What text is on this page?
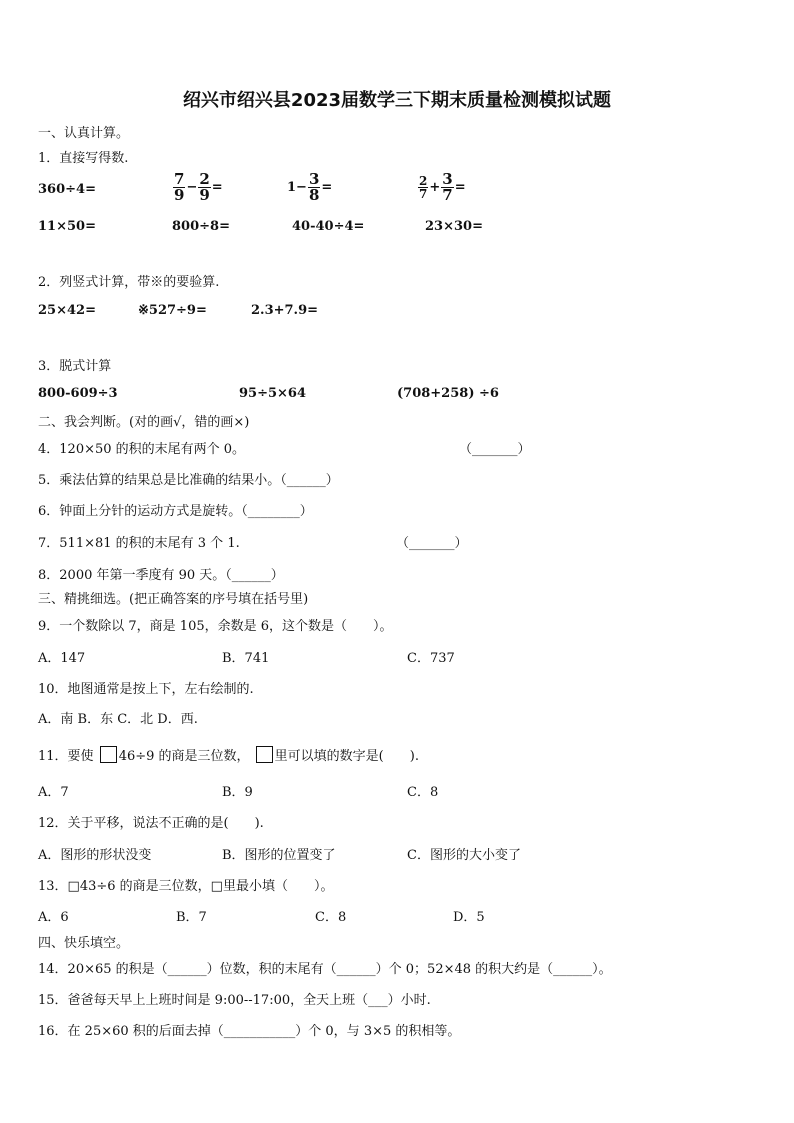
绍兴市绍兴县2023届数学三下期末质量检测模拟试题
一、认真计算。
1．直接写得数.
360÷4=	$\frac{7}{9} - \frac{2}{9}$ =	$1- \frac{3}{8}$ =	$\frac{2}{7} + \frac{3}{7}$ =
11×50=	800÷8=	40-40÷4=	23×30=
2．列竖式计算，带※的要验算.
25×42=	※527÷9=	2.3+7.9=
3．脱式计算
800-609÷3	95÷5×64	(708+258) ÷6
二、我会判断。(对的画√，错的画×)
4．120×50 的积的末尾有两个 0。	（_______）
5．乘法估算的结果总是比准确的结果小。（______）
6．钟面上分针的运动方式是旋转。（________）
7．511×81 的积的末尾有 3 个 1.	（_______）
8．2000 年第一季度有 90 天。（______）
三、精挑细选。(把正确答案的序号填在括号里)
9．一个数除以 7，商是 105，余数是 6，这个数是（　　）。
A．147	B．741	C．737
10．地图通常是按上下，左右绘制的.
A．南 B．东 C．北 D．西.
11．要使 46÷9 的商是三位数， 里可以填的数字是(　　).
A．7	B．9	C．8
12．关于平移，说法不正确的是(　　).
A．图形的形状没变	B．图形的位置变了	C．图形的大小变了
13．□43÷6 的商是三位数，□里最小填（　　）。
A．6	B．7	C．8	D．5
四、快乐填空。
14．20×65 的积是（______）位数，积的末尾有（______）个 0；52×48 的积大约是（______）。
15．爸爸每天早上上班时间是 9:00--17:00，全天上班（___）小时.
16．在 25×60 积的后面去掉（___________）个 0，与 3×5 的积相等。
